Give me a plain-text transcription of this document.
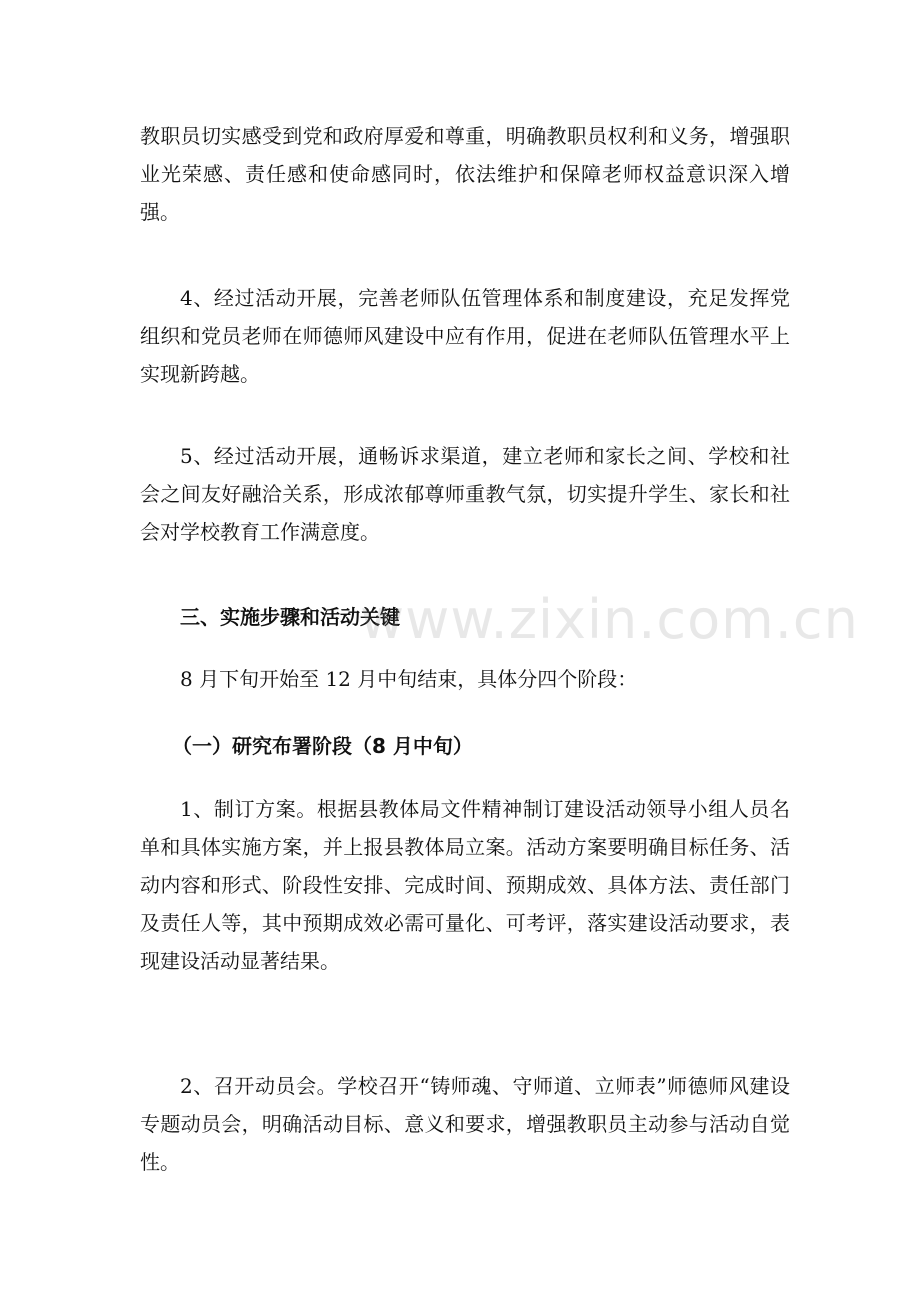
教职员切实感受到党和政府厚爱和尊重，明确教职员权利和义务，增强职业光荣感、责任感和使命感同时，依法维护和保障老师权益意识深入增强。

4、经过活动开展，完善老师队伍管理体系和制度建设，充足发挥党组织和党员老师在师德师风建设中应有作用，促进在老师队伍管理水平上实现新跨越。

5、经过活动开展，通畅诉求渠道，建立老师和家长之间、学校和社会之间友好融洽关系，形成浓郁尊师重教气氛，切实提升学生、家长和社会对学校教育工作满意度。

三、实施步骤和活动关键

8 月下旬开始至 12 月中旬结束，具体分四个阶段：

（一）研究布署阶段（8 月中旬）

1、制订方案。根据县教体局文件精神制订建设活动领导小组人员名单和具体实施方案，并上报县教体局立案。活动方案要明确目标任务、活动内容和形式、阶段性安排、完成时间、预期成效、具体方法、责任部门及责任人等，其中预期成效必需可量化、可考评，落实建设活动要求，表现建设活动显著结果。

2、召开动员会。学校召开“铸师魂、守师道、立师表”师德师风建设专题动员会，明确活动目标、意义和要求，增强教职员主动参与活动自觉性。

www.zixin.com.cn
